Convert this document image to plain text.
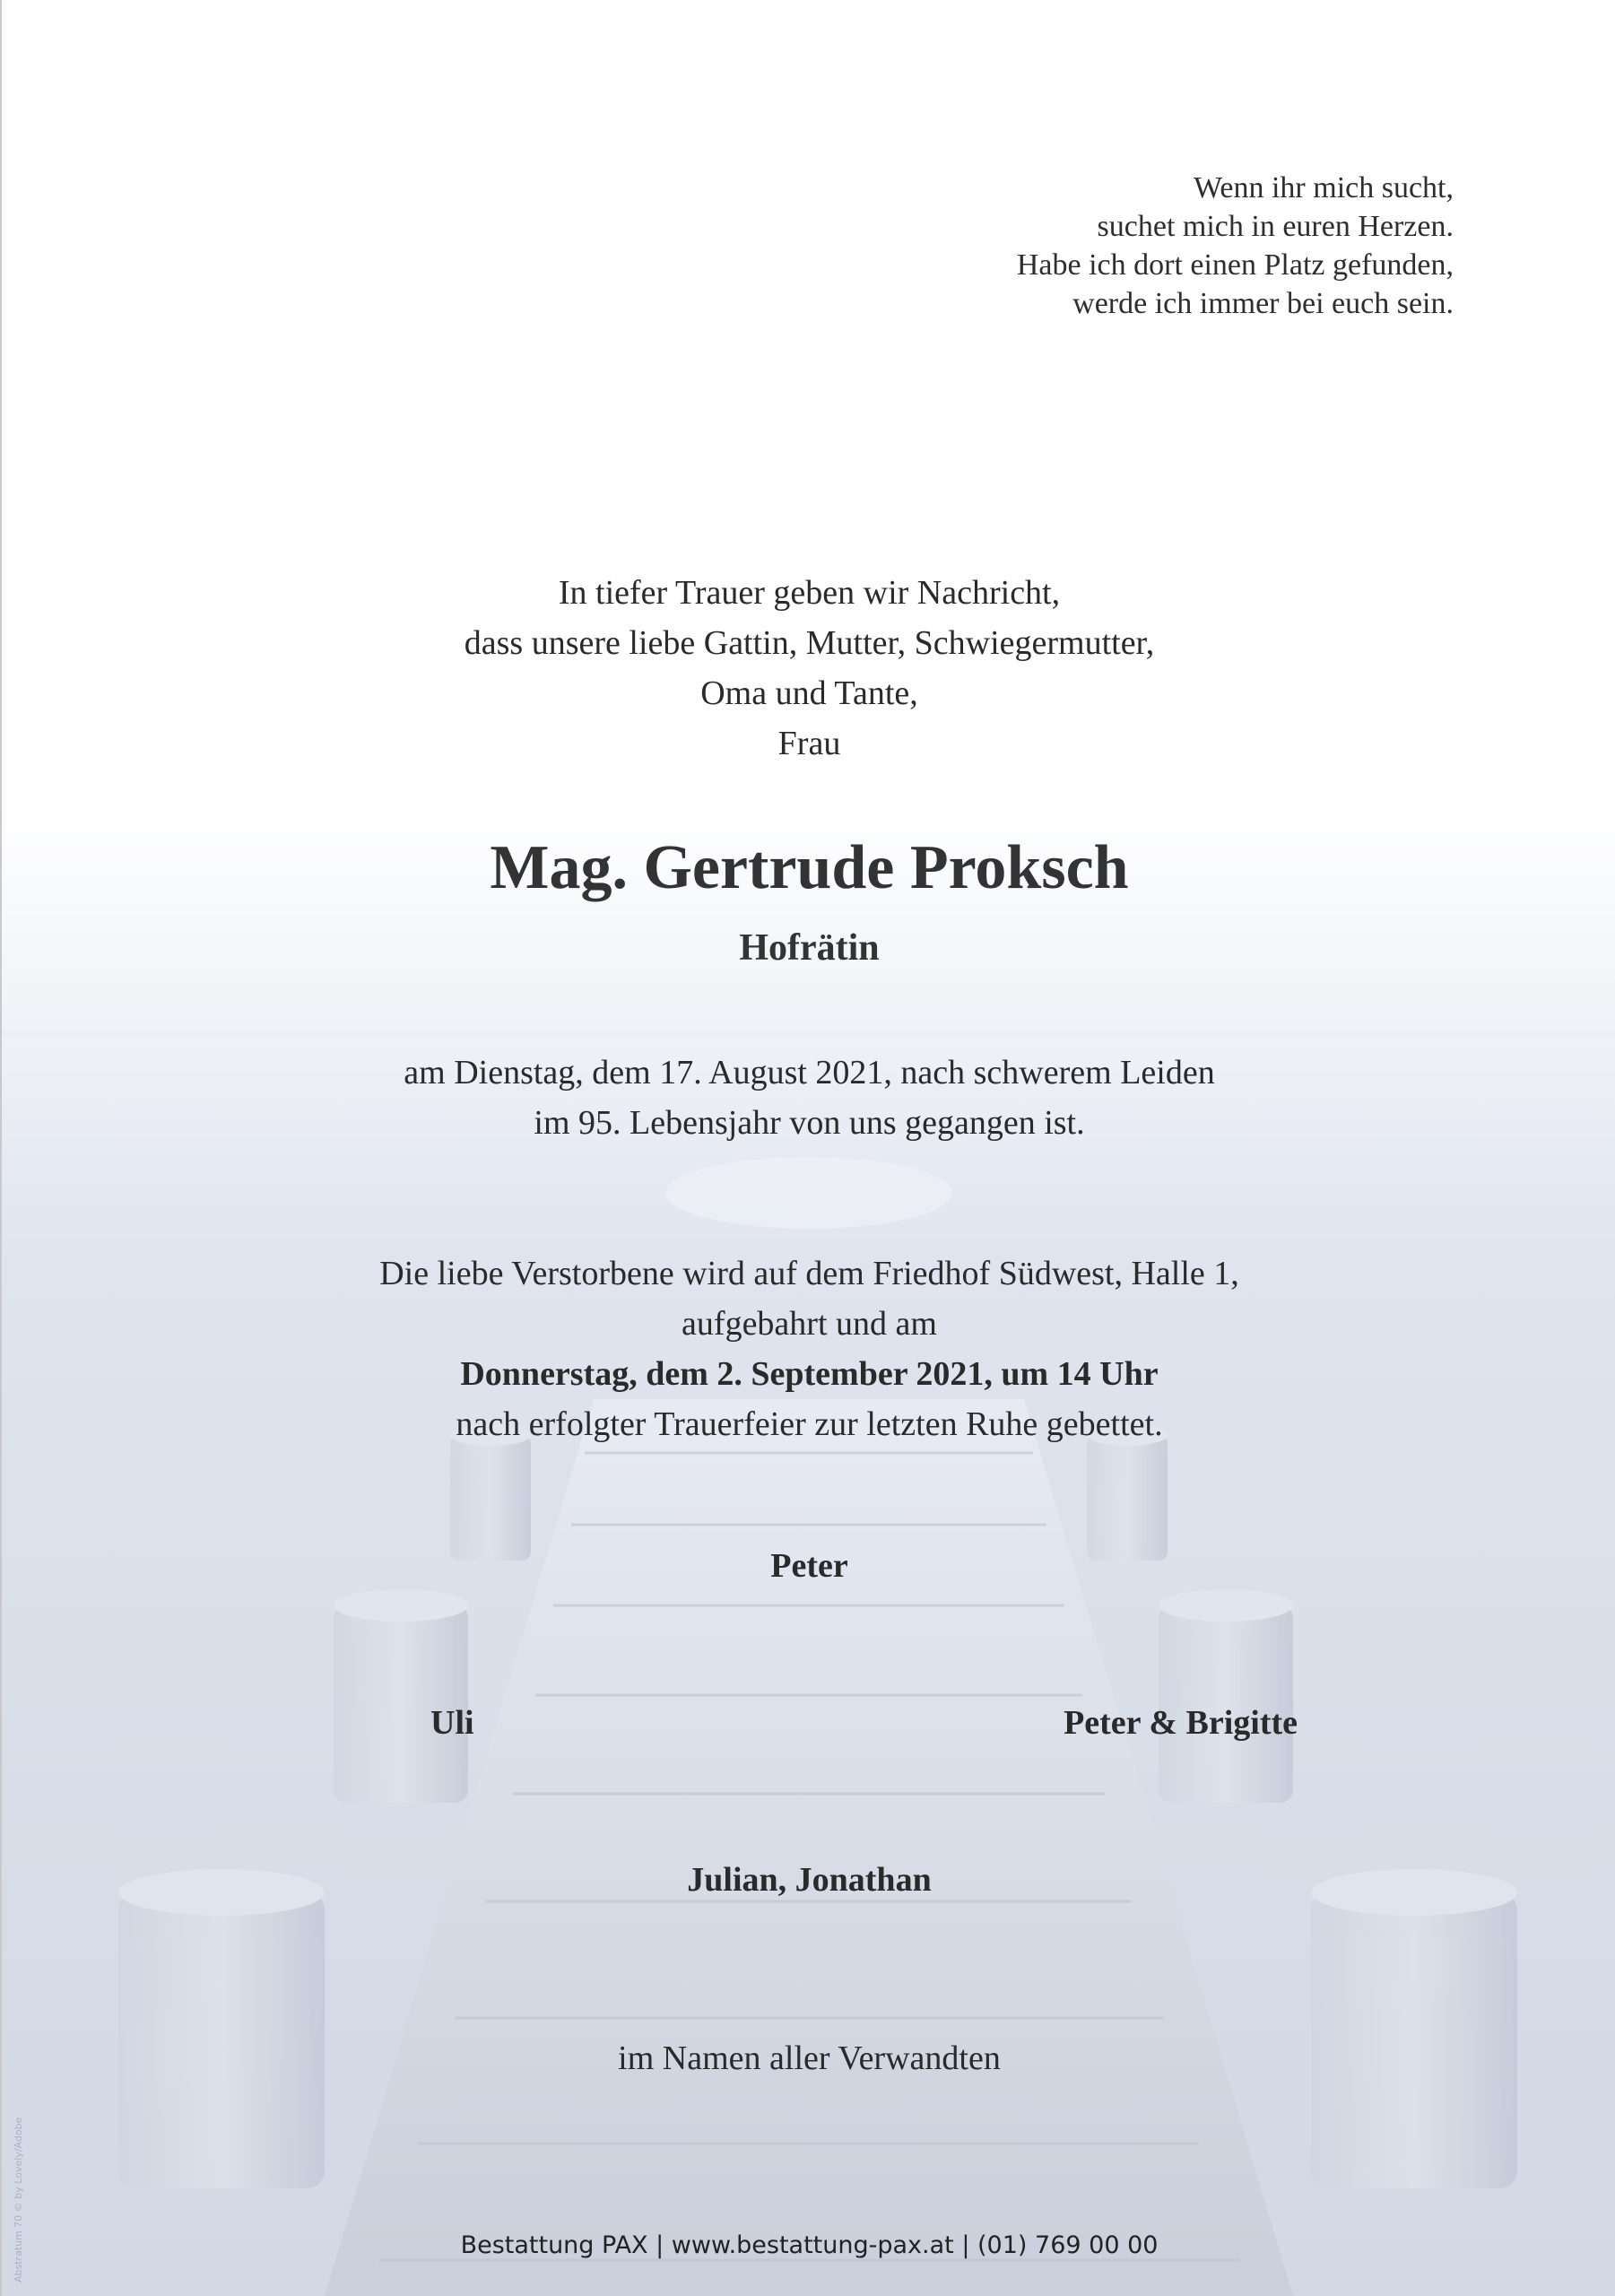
Wenn ihr mich sucht,
suchet mich in euren Herzen.
Habe ich dort einen Platz gefunden,
werde ich immer bei euch sein.
In tiefer Trauer geben wir Nachricht,
dass unsere liebe Gattin, Mutter, Schwiegermutter,
Oma und Tante,
Frau
Mag. Gertrude Proksch
Hofrätin
am Dienstag, dem 17. August 2021, nach schwerem Leiden
im 95. Lebensjahr von uns gegangen ist.
Die liebe Verstorbene wird auf dem Friedhof Südwest, Halle 1,
aufgebahrt und am
Donnerstag, dem 2. September 2021, um 14 Uhr
nach erfolgter Trauerfeier zur letzten Ruhe gebettet.
Peter
Uli	Peter & Brigitte
Julian, Jonathan
im Namen aller Verwandten
Bestattung PAX | www.bestattung-pax.at | (01) 769 00 00
Abstratum 70 © by Lovely/Adobe
